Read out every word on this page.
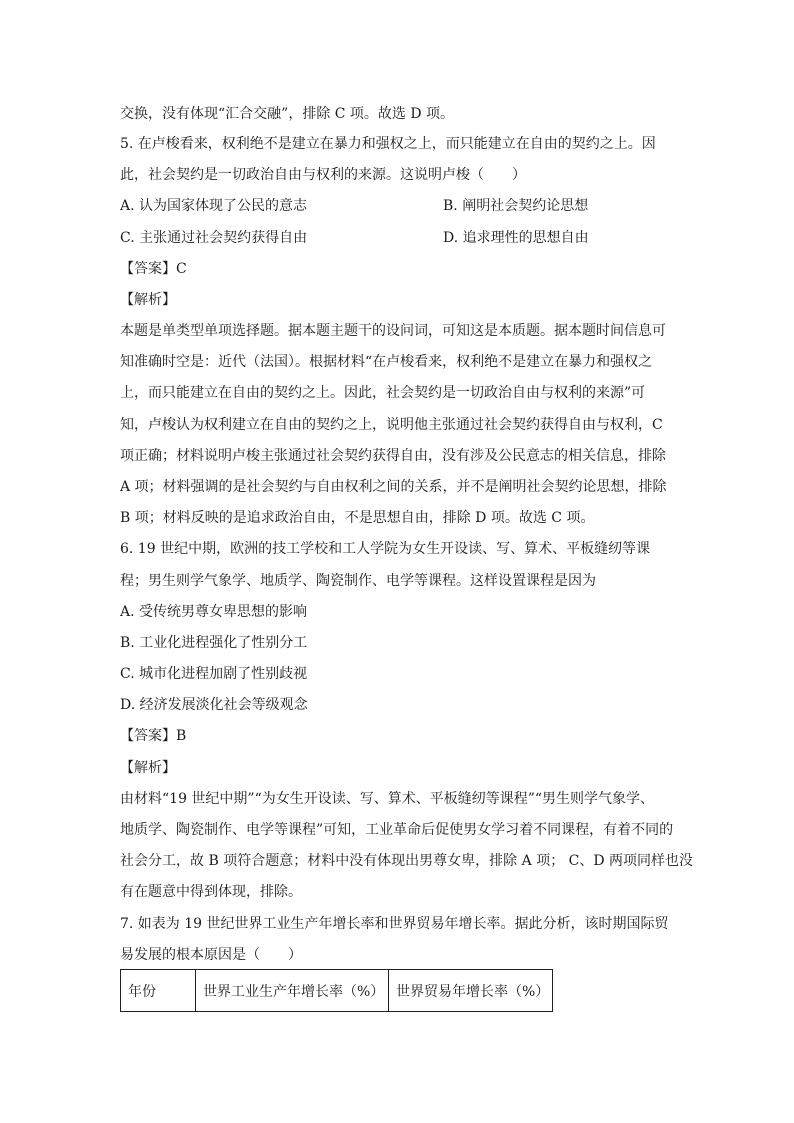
交换，没有体现“汇合交融”，排除 C 项。故选 D 项。
5. 在卢梭看来，权利绝不是建立在暴力和强权之上，而只能建立在自由的契约之上。因
此，社会契约是一切政治自由与权利的来源。这说明卢梭（　　）
A. 认为国家体现了公民的意志	B. 阐明社会契约论思想
C. 主张通过社会契约获得自由	D. 追求理性的思想自由
【答案】C
【解析】
本题是单类型单项选择题。据本题主题干的设问词，可知这是本质题。据本题时间信息可
知准确时空是：近代（法国）。根据材料“在卢梭看来，权利绝不是建立在暴力和强权之
上，而只能建立在自由的契约之上。因此，社会契约是一切政治自由与权利的来源”可
知，卢梭认为权利建立在自由的契约之上，说明他主张通过社会契约获得自由与权利，C
项正确；材料说明卢梭主张通过社会契约获得自由，没有涉及公民意志的相关信息，排除
A 项；材料强调的是社会契约与自由权利之间的关系，并不是阐明社会契约论思想，排除
B 项；材料反映的是追求政治自由，不是思想自由，排除 D 项。故选 C 项。
6. 19 世纪中期，欧洲的技工学校和工人学院为女生开设读、写、算术、平板缝纫等课
程；男生则学气象学、地质学、陶瓷制作、电学等课程。这样设置课程是因为
A. 受传统男尊女卑思想的影响
B. 工业化进程强化了性别分工
C. 城市化进程加剧了性别歧视
D. 经济发展淡化社会等级观念
【答案】B
【解析】
由材料“19 世纪中期”“为女生开设读、写、算术、平板缝纫等课程”“男生则学气象学、
地质学、陶瓷制作、电学等课程”可知，工业革命后促使男女学习着不同课程，有着不同的
社会分工，故 B 项符合题意；材料中没有体现出男尊女卑，排除 A 项； C、D 两项同样也没
有在题意中得到体现，排除。
7. 如表为 19 世纪世界工业生产年增长率和世界贸易年增长率。据此分析，该时期国际贸
易发展的根本原因是（　　）
年份	世界工业生产年增长率（%）	世界贸易年增长率（%）
